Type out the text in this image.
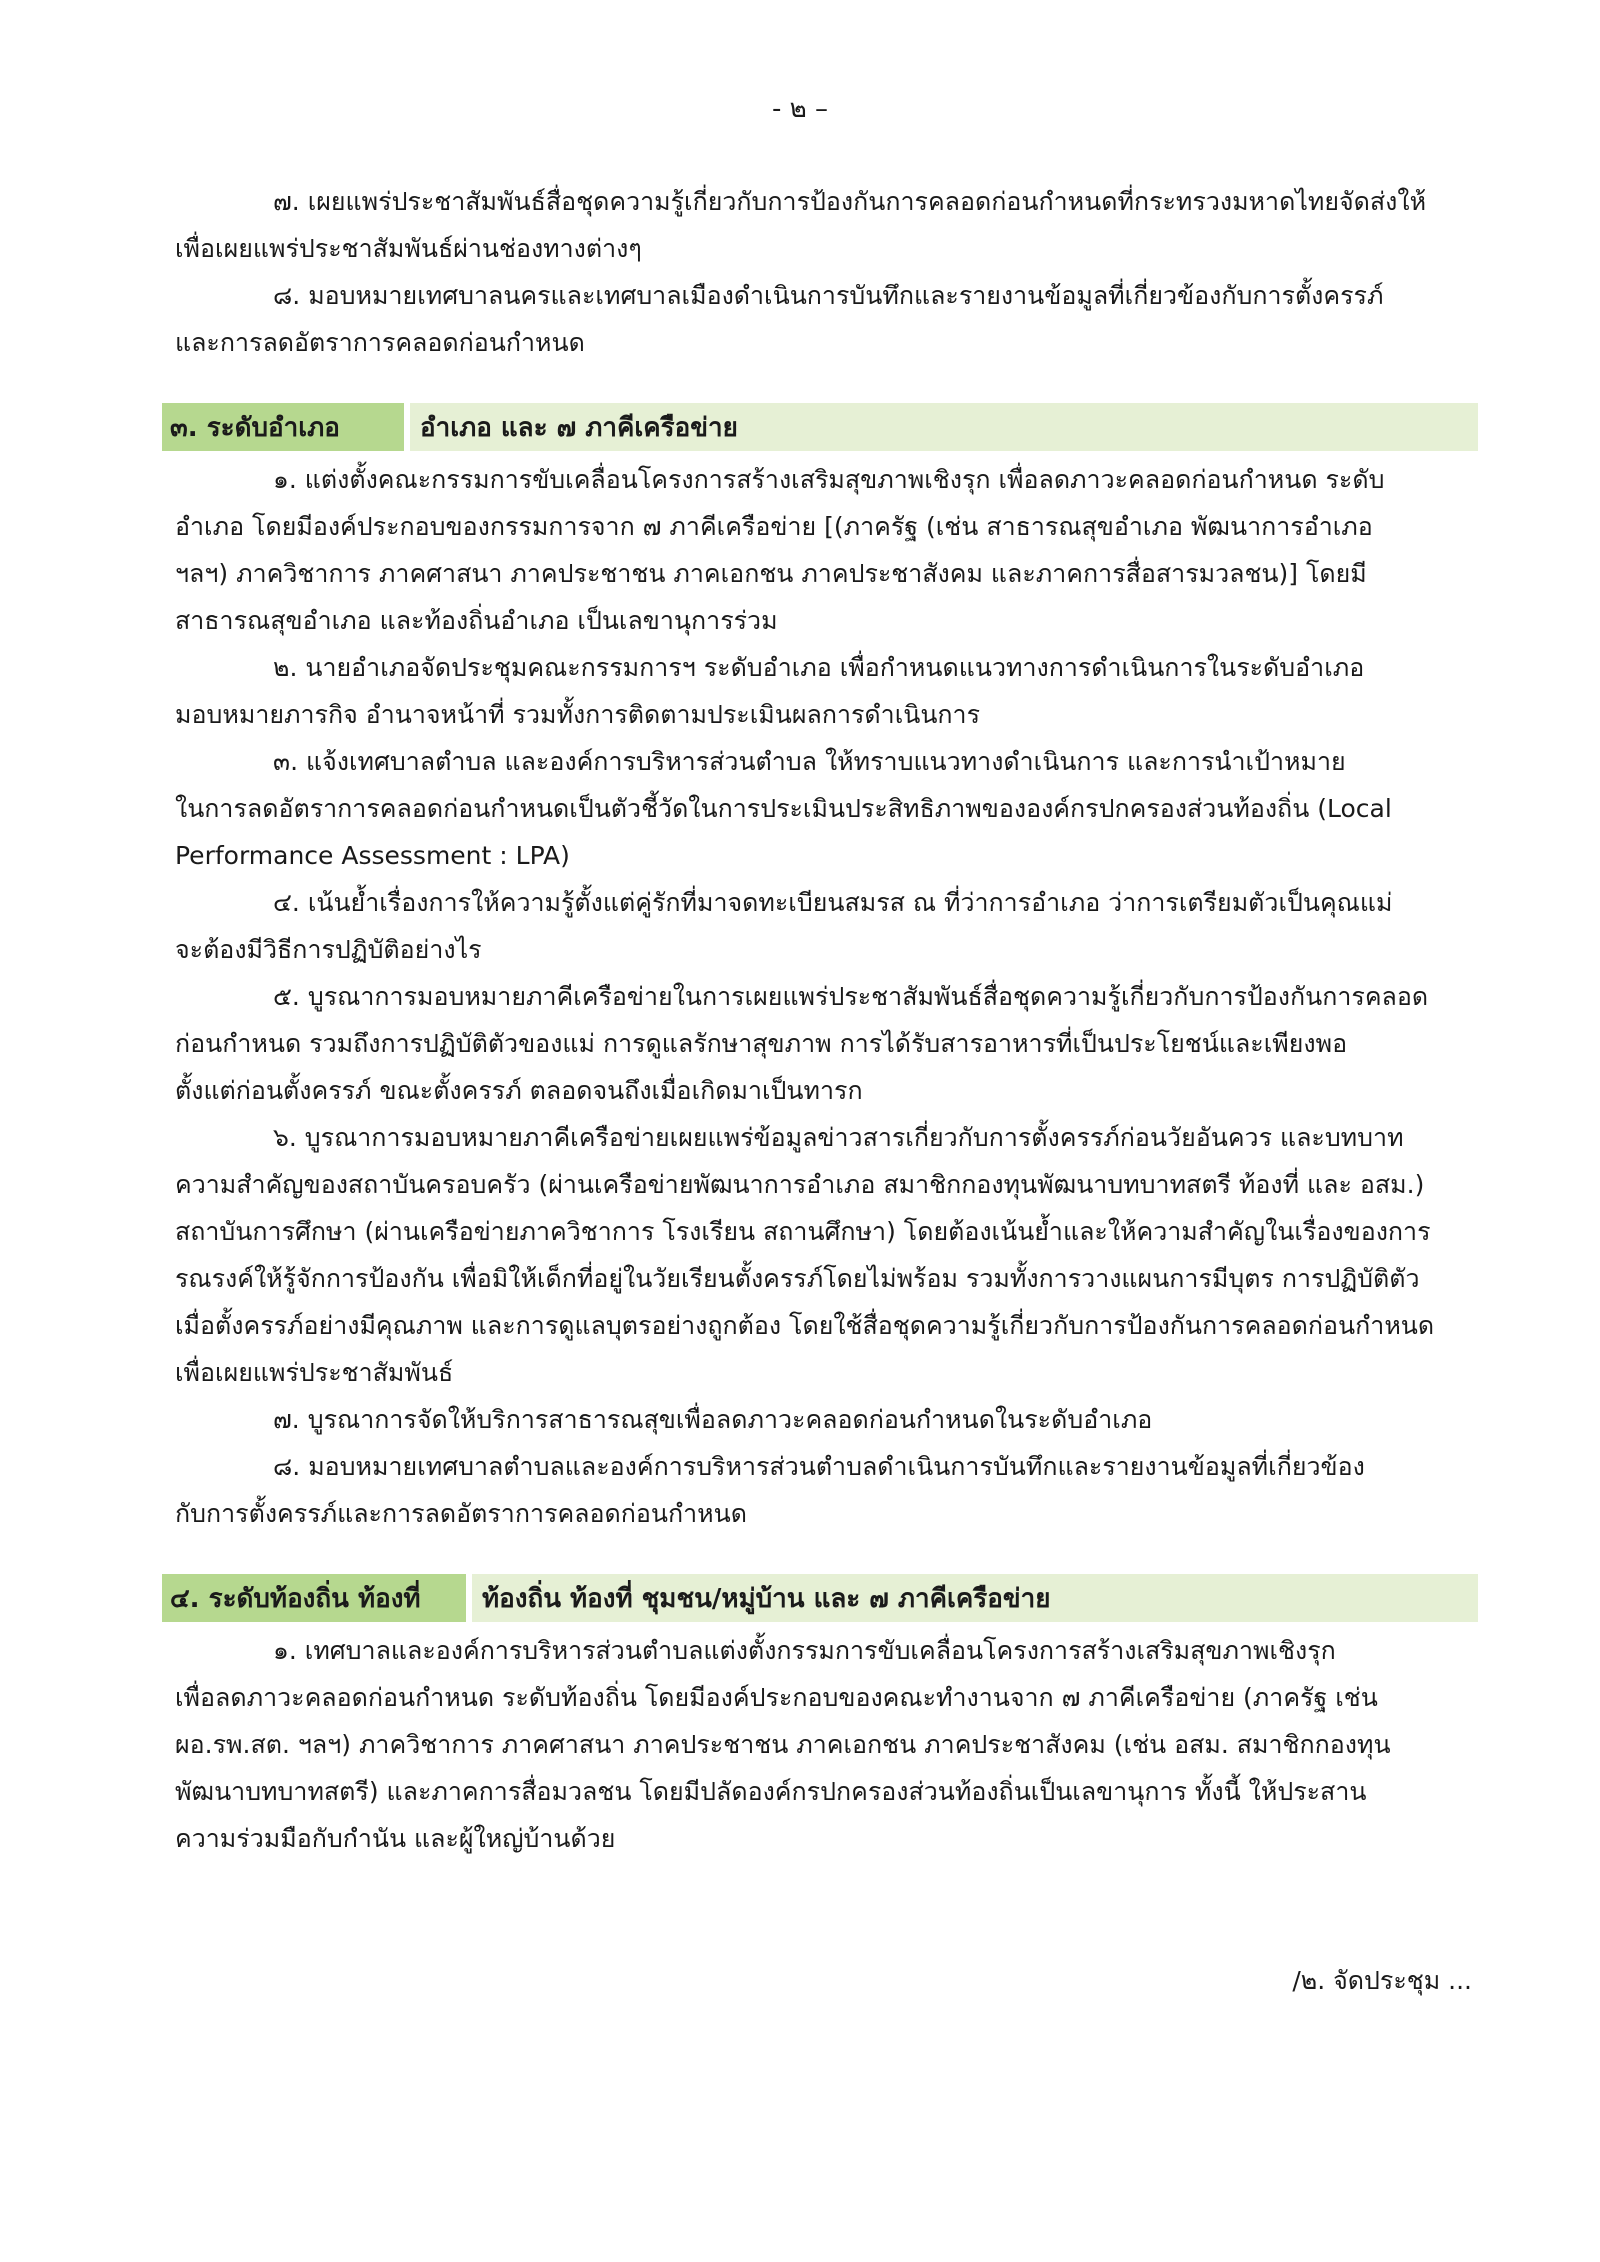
- ๒ –

๗. เผยแพร่ประชาสัมพันธ์สื่อชุดความรู้เกี่ยวกับการป้องกันการคลอดก่อนกำหนดที่กระทรวงมหาดไทยจัดส่งให้

เพื่อเผยแพร่ประชาสัมพันธ์ผ่านช่องทางต่างๆ

๘. มอบหมายเทศบาลนครและเทศบาลเมืองดำเนินการบันทึกและรายงานข้อมูลที่เกี่ยวข้องกับการตั้งครรภ์

และการลดอัตราการคลอดก่อนกำหนด

๓. ระดับอำเภอ	อำเภอ และ ๗ ภาคีเครือข่าย

๑. แต่งตั้งคณะกรรมการขับเคลื่อนโครงการสร้างเสริมสุขภาพเชิงรุก เพื่อลดภาวะคลอดก่อนกำหนด ระดับ

อำเภอ โดยมีองค์ประกอบของกรรมการจาก ๗ ภาคีเครือข่าย [(ภาครัฐ (เช่น สาธารณสุขอำเภอ พัฒนาการอำเภอ

ฯลฯ) ภาควิชาการ ภาคศาสนา ภาคประชาชน ภาคเอกชน ภาคประชาสังคม และภาคการสื่อสารมวลชน)] โดยมี

สาธารณสุขอำเภอ และท้องถิ่นอำเภอ เป็นเลขานุการร่วม

๒. นายอำเภอจัดประชุมคณะกรรมการฯ ระดับอำเภอ เพื่อกำหนดแนวทางการดำเนินการในระดับอำเภอ

มอบหมายภารกิจ อำนาจหน้าที่ รวมทั้งการติดตามประเมินผลการดำเนินการ

๓. แจ้งเทศบาลตำบล และองค์การบริหารส่วนตำบล ให้ทราบแนวทางดำเนินการ และการนำเป้าหมาย

ในการลดอัตราการคลอดก่อนกำหนดเป็นตัวชี้วัดในการประเมินประสิทธิภาพขององค์กรปกครองส่วนท้องถิ่น (Local

Performance Assessment : LPA)

๔. เน้นย้ำเรื่องการให้ความรู้ตั้งแต่คู่รักที่มาจดทะเบียนสมรส ณ ที่ว่าการอำเภอ ว่าการเตรียมตัวเป็นคุณแม่

จะต้องมีวิธีการปฏิบัติอย่างไร

๕. บูรณาการมอบหมายภาคีเครือข่ายในการเผยแพร่ประชาสัมพันธ์สื่อชุดความรู้เกี่ยวกับการป้องกันการคลอด

ก่อนกำหนด รวมถึงการปฏิบัติตัวของแม่ การดูแลรักษาสุขภาพ การได้รับสารอาหารที่เป็นประโยชน์และเพียงพอ

ตั้งแต่ก่อนตั้งครรภ์ ขณะตั้งครรภ์ ตลอดจนถึงเมื่อเกิดมาเป็นทารก

๖. บูรณาการมอบหมายภาคีเครือข่ายเผยแพร่ข้อมูลข่าวสารเกี่ยวกับการตั้งครรภ์ก่อนวัยอันควร และบทบาท

ความสำคัญของสถาบันครอบครัว (ผ่านเครือข่ายพัฒนาการอำเภอ สมาชิกกองทุนพัฒนาบทบาทสตรี ท้องที่ และ อสม.)

สถาบันการศึกษา (ผ่านเครือข่ายภาควิชาการ โรงเรียน สถานศึกษา) โดยต้องเน้นย้ำและให้ความสำคัญในเรื่องของการ

รณรงค์ให้รู้จักการป้องกัน เพื่อมิให้เด็กที่อยู่ในวัยเรียนตั้งครรภ์โดยไม่พร้อม รวมทั้งการวางแผนการมีบุตร การปฏิบัติตัว

เมื่อตั้งครรภ์อย่างมีคุณภาพ และการดูแลบุตรอย่างถูกต้อง โดยใช้สื่อชุดความรู้เกี่ยวกับการป้องกันการคลอดก่อนกำหนด

เพื่อเผยแพร่ประชาสัมพันธ์

๗. บูรณาการจัดให้บริการสาธารณสุขเพื่อลดภาวะคลอดก่อนกำหนดในระดับอำเภอ

๘. มอบหมายเทศบาลตำบลและองค์การบริหารส่วนตำบลดำเนินการบันทึกและรายงานข้อมูลที่เกี่ยวข้อง

กับการตั้งครรภ์และการลดอัตราการคลอดก่อนกำหนด

๔. ระดับท้องถิ่น ท้องที่	ท้องถิ่น ท้องที่ ชุมชน/หมู่บ้าน และ ๗ ภาคีเครือข่าย

๑. เทศบาลและองค์การบริหารส่วนตำบลแต่งตั้งกรรมการขับเคลื่อนโครงการสร้างเสริมสุขภาพเชิงรุก

เพื่อลดภาวะคลอดก่อนกำหนด ระดับท้องถิ่น โดยมีองค์ประกอบของคณะทำงานจาก ๗ ภาคีเครือข่าย (ภาครัฐ เช่น

ผอ.รพ.สต. ฯลฯ) ภาควิชาการ ภาคศาสนา ภาคประชาชน ภาคเอกชน ภาคประชาสังคม (เช่น อสม. สมาชิกกองทุน

พัฒนาบทบาทสตรี) และภาคการสื่อมวลชน โดยมีปลัดองค์กรปกครองส่วนท้องถิ่นเป็นเลขานุการ ทั้งนี้ ให้ประสาน

ความร่วมมือกับกำนัน และผู้ใหญ่บ้านด้วย

/๒. จัดประชุม ...
